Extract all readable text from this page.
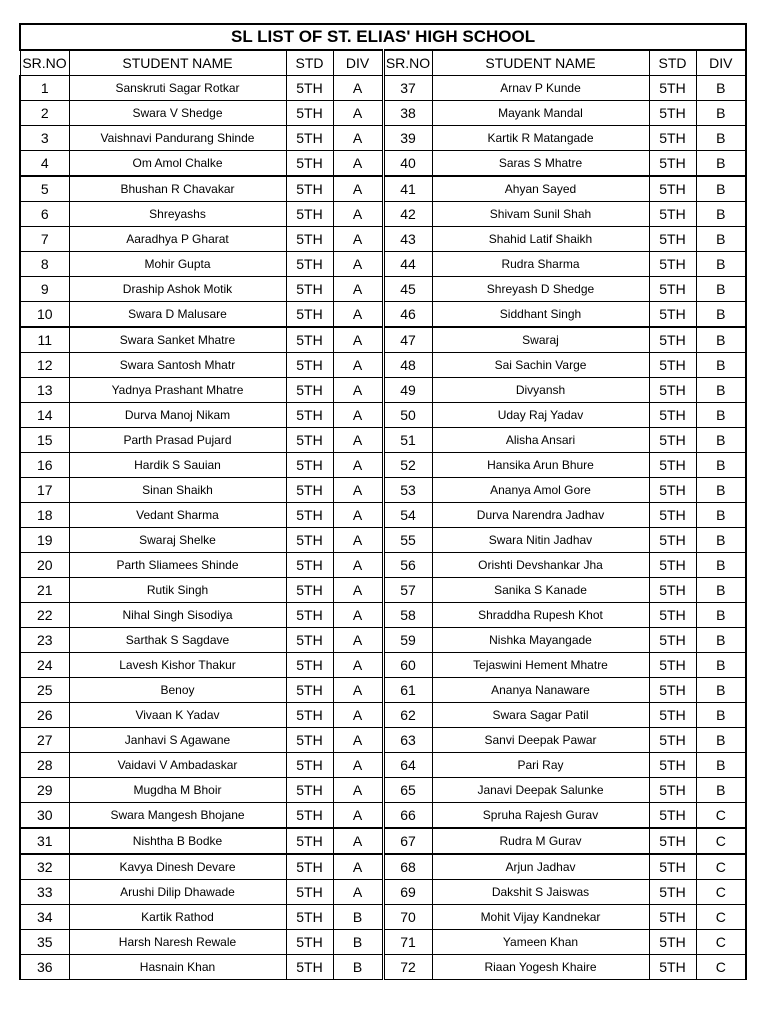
SL LIST OF ST. ELIAS' HIGH SCHOOL							
SR.NO	STUDENT NAME	STD	DIV	SR.NO	STUDENT NAME	STD	DIV
1	Sanskruti Sagar Rotkar	5TH	A	37	Arnav P Kunde	5TH	B
2	Swara V Shedge	5TH	A	38	Mayank Mandal	5TH	B
3	Vaishnavi Pandurang Shinde	5TH	A	39	Kartik R Matangade	5TH	B
4	Om Amol Chalke	5TH	A	40	Saras S Mhatre	5TH	B
5	Bhushan R Chavakar	5TH	A	41	Ahyan Sayed	5TH	B
6	Shreyashs	5TH	A	42	Shivam Sunil Shah	5TH	B
7	Aaradhya P Gharat	5TH	A	43	Shahid Latif Shaikh	5TH	B
8	Mohir Gupta	5TH	A	44	Rudra Sharma	5TH	B
9	Draship Ashok Motik	5TH	A	45	Shreyash D Shedge	5TH	B
10	Swara D Malusare	5TH	A	46	Siddhant Singh	5TH	B
11	Swara Sanket Mhatre	5TH	A	47	Swaraj	5TH	B
12	Swara Santosh Mhatr	5TH	A	48	Sai Sachin Varge	5TH	B
13	Yadnya Prashant Mhatre	5TH	A	49	Divyansh	5TH	B
14	Durva Manoj Nikam	5TH	A	50	Uday Raj Yadav	5TH	B
15	Parth Prasad Pujard	5TH	A	51	Alisha Ansari	5TH	B
16	Hardik S Sauian	5TH	A	52	Hansika Arun Bhure	5TH	B
17	Sinan Shaikh	5TH	A	53	Ananya Amol Gore	5TH	B
18	Vedant Sharma	5TH	A	54	Durva Narendra Jadhav	5TH	B
19	Swaraj Shelke	5TH	A	55	Swara Nitin Jadhav	5TH	B
20	Parth Sliamees Shinde	5TH	A	56	Orishti Devshankar Jha	5TH	B
21	Rutik Singh	5TH	A	57	Sanika S Kanade	5TH	B
22	Nihal Singh Sisodiya	5TH	A	58	Shraddha Rupesh Khot	5TH	B
23	Sarthak S Sagdave	5TH	A	59	Nishka Mayangade	5TH	B
24	Lavesh Kishor Thakur	5TH	A	60	Tejaswini Hement Mhatre	5TH	B
25	Benoy	5TH	A	61	Ananya Nanaware	5TH	B
26	Vivaan K Yadav	5TH	A	62	Swara Sagar Patil	5TH	B
27	Janhavi S Agawane	5TH	A	63	Sanvi Deepak Pawar	5TH	B
28	Vaidavi V Ambadaskar	5TH	A	64	Pari Ray	5TH	B
29	Mugdha M Bhoir	5TH	A	65	Janavi Deepak Salunke	5TH	B
30	Swara Mangesh Bhojane	5TH	A	66	Spruha Rajesh Gurav	5TH	C
31	Nishtha B Bodke	5TH	A	67	Rudra M Gurav	5TH	C
32	Kavya Dinesh Devare	5TH	A	68	Arjun Jadhav	5TH	C
33	Arushi Dilip Dhawade	5TH	A	69	Dakshit S Jaiswas	5TH	C
34	Kartik Rathod	5TH	B	70	Mohit Vijay Kandnekar	5TH	C
35	Harsh Naresh Rewale	5TH	B	71	Yameen Khan	5TH	C
36	Hasnain Khan	5TH	B	72	Riaan Yogesh Khaire	5TH	C
